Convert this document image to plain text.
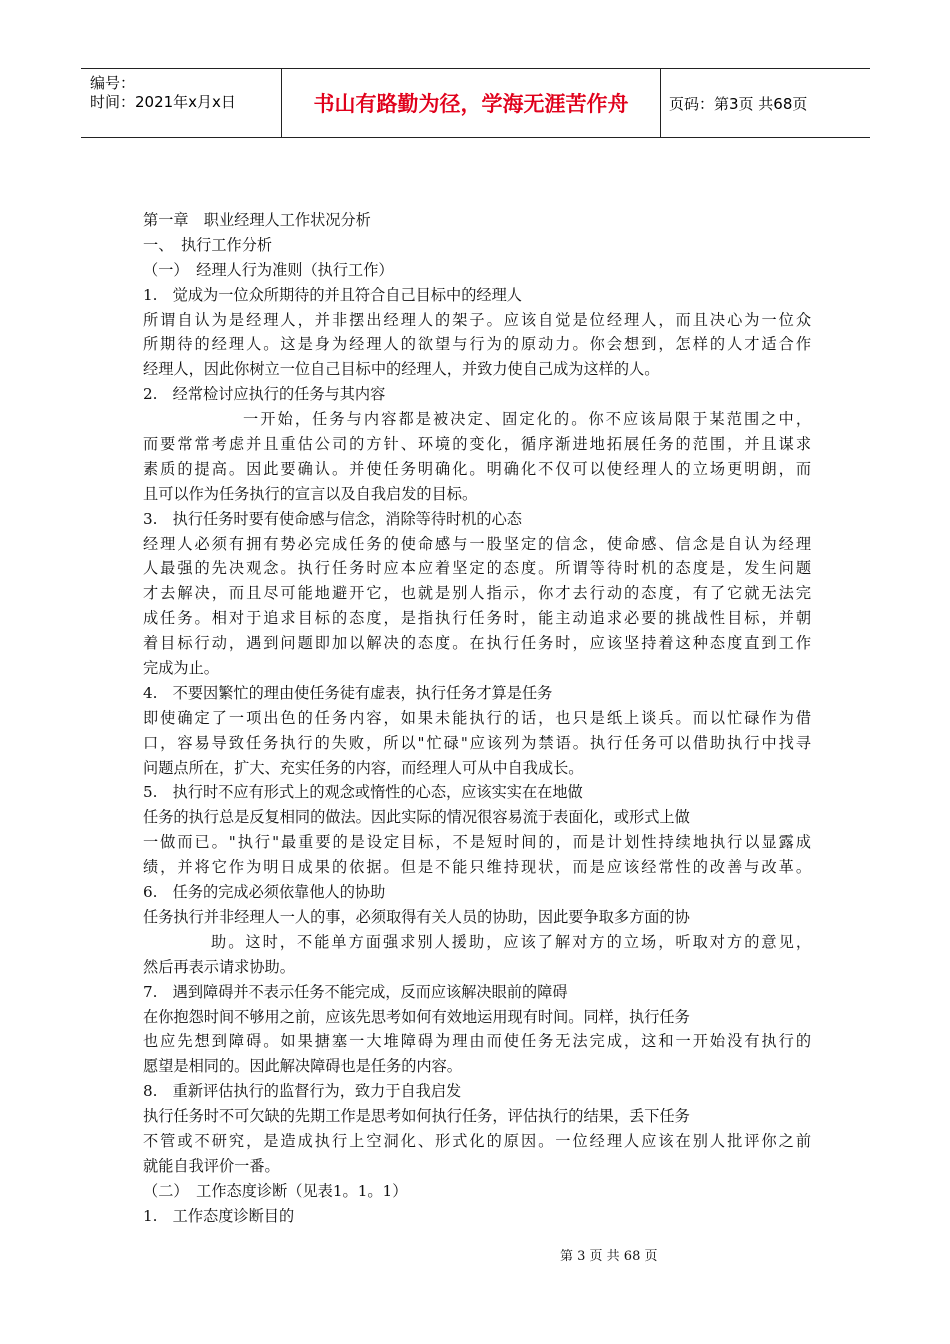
编号：
时间：2021年x月x日	书山有路勤为径，学海无涯苦作舟	页码：第3页 共68页
第一章　职业经理人工作状况分析
一、　执行工作分析
（一）　经理人行为准则（执行工作）
1.　觉成为一位众所期待的并且符合自己目标中的经理人
所谓自认为是经理人，并非摆出经理人的架子。应该自觉是位经理人，而且决心为一位众
所期待的经理人。这是身为经理人的欲望与行为的原动力。你会想到，怎样的人才适合作
经理人，因此你树立一位自己目标中的经理人，并致力使自己成为这样的人。
2.　经常检讨应执行的任务与其内容
一开始，任务与内容都是被决定、固定化的。你不应该局限于某范围之中，
而要常常考虑并且重估公司的方针、环境的变化，循序渐进地拓展任务的范围，并且谋求
素质的提高。因此要确认。并使任务明确化。明确化不仅可以使经理人的立场更明朗，而
且可以作为任务执行的宣言以及自我启发的目标。
3.　执行任务时要有使命感与信念，消除等待时机的心态
经理人必须有拥有势必完成任务的使命感与一股坚定的信念，使命感、信念是自认为经理
人最强的先决观念。执行任务时应本应着坚定的态度。所谓等待时机的态度是，发生问题
才去解决，而且尽可能地避开它，也就是别人指示，你才去行动的态度，有了它就无法完
成任务。相对于追求目标的态度，是指执行任务时，能主动追求必要的挑战性目标，并朝
着目标行动，遇到问题即加以解决的态度。在执行任务时，应该坚持着这种态度直到工作
完成为止。
4.　不要因繁忙的理由使任务徒有虚表，执行任务才算是任务
即使确定了一项出色的任务内容，如果未能执行的话，也只是纸上谈兵。而以忙碌作为借
口，容易导致任务执行的失败，所以"忙碌"应该列为禁语。执行任务可以借助执行中找寻
问题点所在，扩大、充实任务的内容，而经理人可从中自我成长。
5.　执行时不应有形式上的观念或惰性的心态，应该实实在在地做
任务的执行总是反复相同的做法。因此实际的情况很容易流于表面化，或形式上做
一做而已。"执行"最重要的是设定目标，不是短时间的，而是计划性持续地执行以显露成
绩，并将它作为明日成果的依据。但是不能只维持现状，而是应该经常性的改善与改革。
6.　任务的完成必须依靠他人的协助
任务执行并非经理人一人的事，必须取得有关人员的协助，因此要争取多方面的协
助。这时，不能单方面强求别人援助，应该了解对方的立场，听取对方的意见，
然后再表示请求协助。
7.　遇到障碍并不表示任务不能完成，反而应该解决眼前的障碍
在你抱怨时间不够用之前，应该先思考如何有效地运用现有时间。同样，执行任务
也应先想到障碍。如果搪塞一大堆障碍为理由而使任务无法完成，这和一开始没有执行的
愿望是相同的。因此解决障碍也是任务的内容。
8.　重新评估执行的监督行为，致力于自我启发
执行任务时不可欠缺的先期工作是思考如何执行任务，评估执行的结果，丢下任务
不管或不研究，是造成执行上空洞化、形式化的原因。一位经理人应该在别人批评你之前
就能自我评价一番。
（二）　工作态度诊断（见表1。1。1）
1.　工作态度诊断目的
第 3 页 共 68 页
